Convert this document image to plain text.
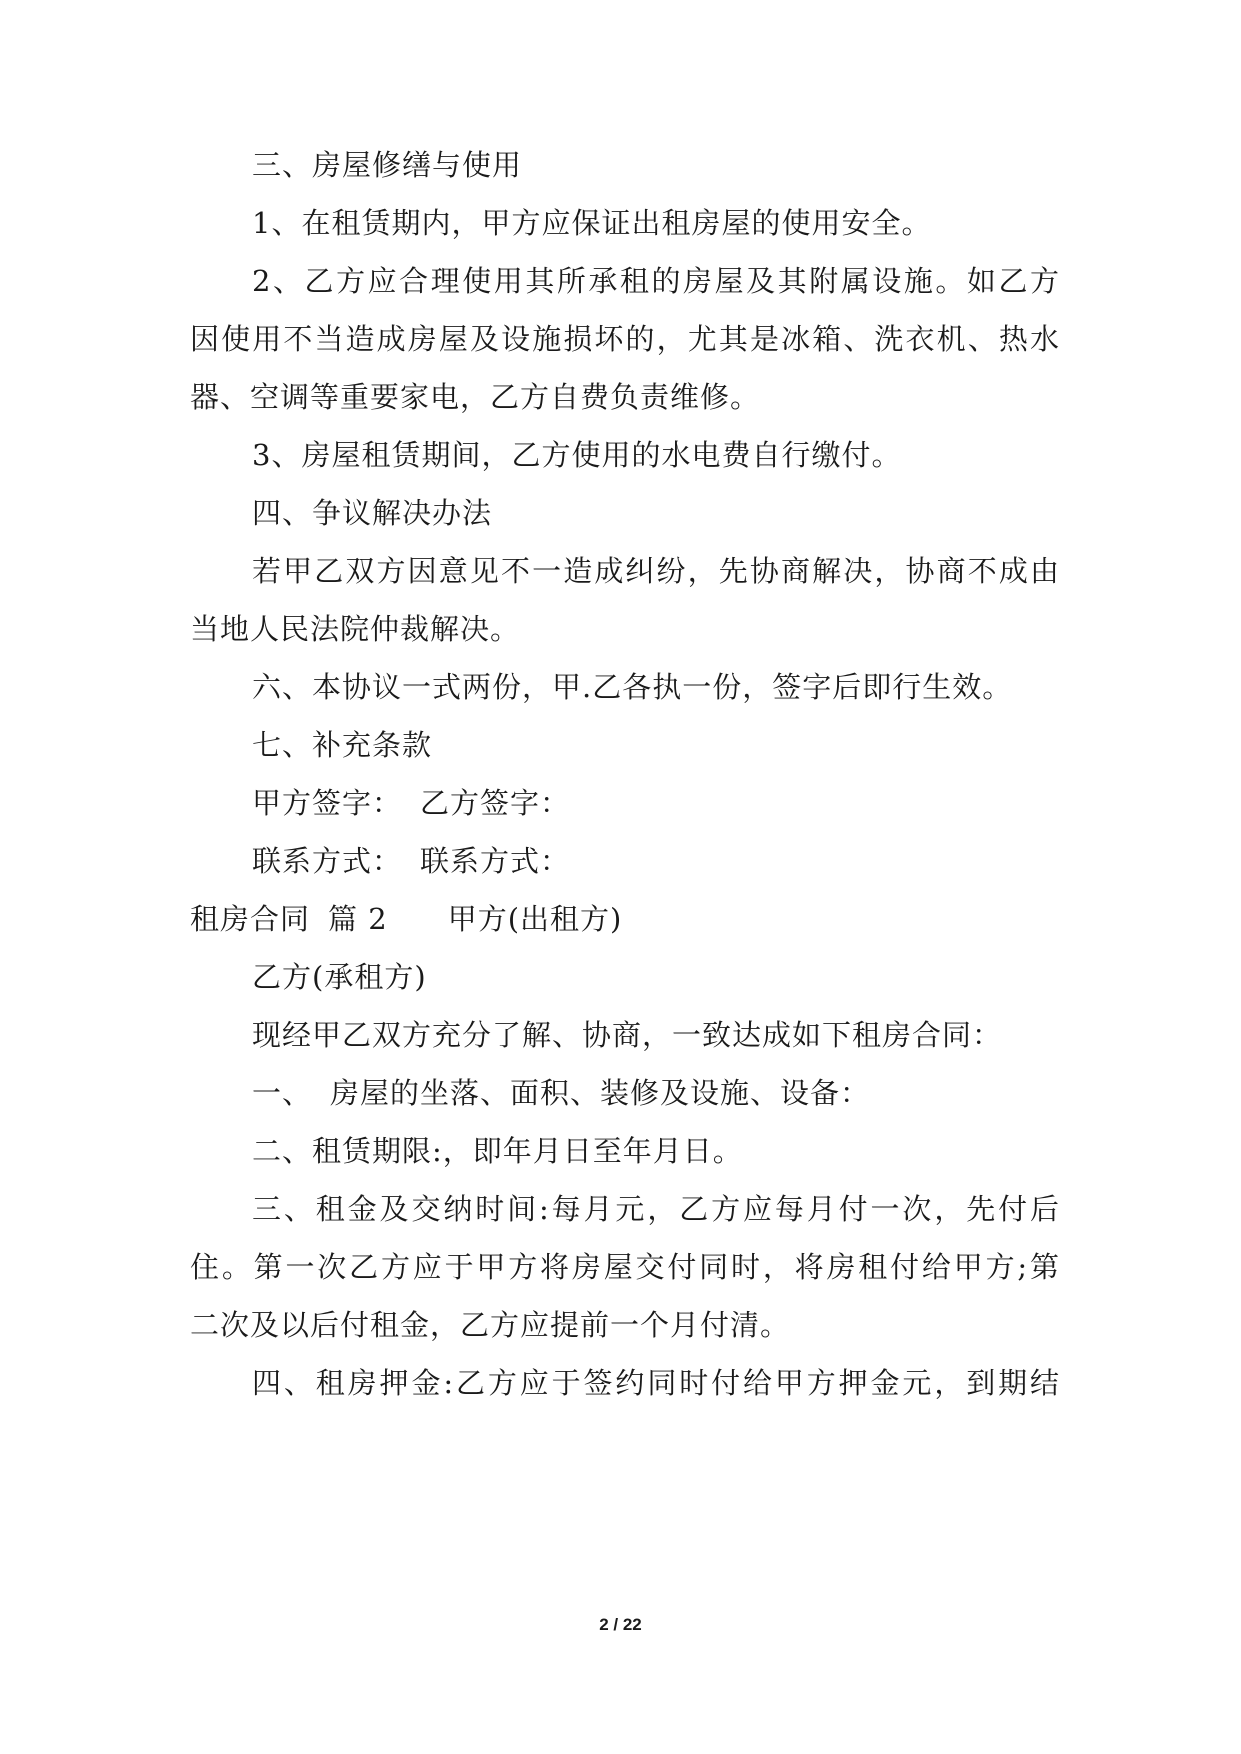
三、房屋修缮与使用
1、在租赁期内，甲方应保证出租房屋的使用安全。
2、乙方应合理使用其所承租的房屋及其附属设施。如乙方
因使用不当造成房屋及设施损坏的，尤其是冰箱、洗衣机、热水
器、空调等重要家电，乙方自费负责维修。
3、房屋租赁期间，乙方使用的水电费自行缴付。
四、争议解决办法
若甲乙双方因意见不一造成纠纷，先协商解决，协商不成由
当地人民法院仲裁解决。
六、本协议一式两份，甲.乙各执一份，签字后即行生效。
七、补充条款
甲方签字： 乙方签字：
联系方式： 联系方式：
租房合同 篇 2 甲方(出租方)
乙方(承租方)
现经甲乙双方充分了解、协商，一致达成如下租房合同：
一、 房屋的坐落、面积、装修及设施、设备：
二、租赁期限:，即年月日至年月日。
三、租金及交纳时间:每月元，乙方应每月付一次，先付后
住。第一次乙方应于甲方将房屋交付同时，将房租付给甲方;第
二次及以后付租金，乙方应提前一个月付清。
四、租房押金:乙方应于签约同时付给甲方押金元，到期结
2 / 22
